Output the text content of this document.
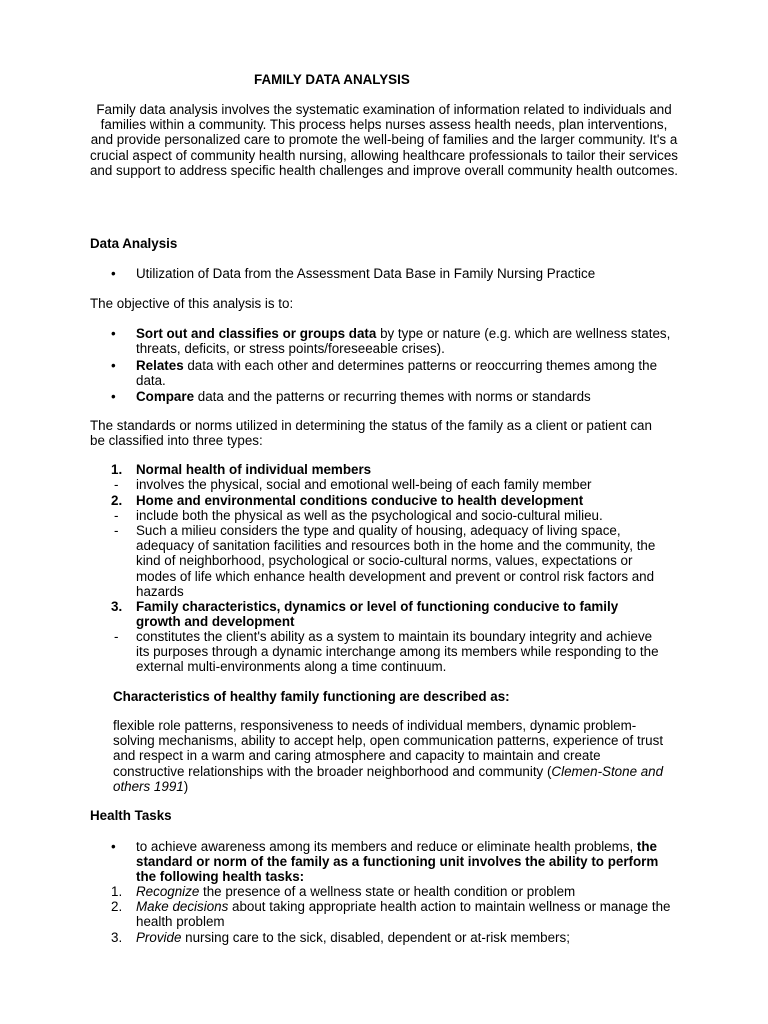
FAMILY DATA ANALYSIS
Family data analysis involves the systematic examination of information related to individuals and families within a community. This process helps nurses assess health needs, plan interventions, and provide personalized care to promote the well-being of families and the larger community. It's a crucial aspect of community health nursing, allowing healthcare professionals to tailor their services and support to address specific health challenges and improve overall community health outcomes.
Data Analysis
• Utilization of Data from the Assessment Data Base in Family Nursing Practice
The objective of this analysis is to:
• Sort out and classifies or groups data by type or nature (e.g. which are wellness states, threats, deficits, or stress points/foreseeable crises).
• Relates data with each other and determines patterns or reoccurring themes among the data.
• Compare data and the patterns or recurring themes with norms or standards
The standards or norms utilized in determining the status of the family as a client or patient can be classified into three types:
1. Normal health of individual members
- involves the physical, social and emotional well-being of each family member
2. Home and environmental conditions conducive to health development
- include both the physical as well as the psychological and socio-cultural milieu.
- Such a milieu considers the type and quality of housing, adequacy of living space, adequacy of sanitation facilities and resources both in the home and the community, the kind of neighborhood, psychological or socio-cultural norms, values, expectations or modes of life which enhance health development and prevent or control risk factors and hazards
3. Family characteristics, dynamics or level of functioning conducive to family growth and development
- constitutes the client's ability as a system to maintain its boundary integrity and achieve its purposes through a dynamic interchange among its members while responding to the external multi-environments along a time continuum.
Characteristics of healthy family functioning are described as:
flexible role patterns, responsiveness to needs of individual members, dynamic problem-solving mechanisms, ability to accept help, open communication patterns, experience of trust and respect in a warm and caring atmosphere and capacity to maintain and create constructive relationships with the broader neighborhood and community (Clemen-Stone and others 1991)
Health Tasks
• to achieve awareness among its members and reduce or eliminate health problems, the standard or norm of the family as a functioning unit involves the ability to perform the following health tasks:
1. Recognize the presence of a wellness state or health condition or problem
2. Make decisions about taking appropriate health action to maintain wellness or manage the health problem
3. Provide nursing care to the sick, disabled, dependent or at-risk members;
